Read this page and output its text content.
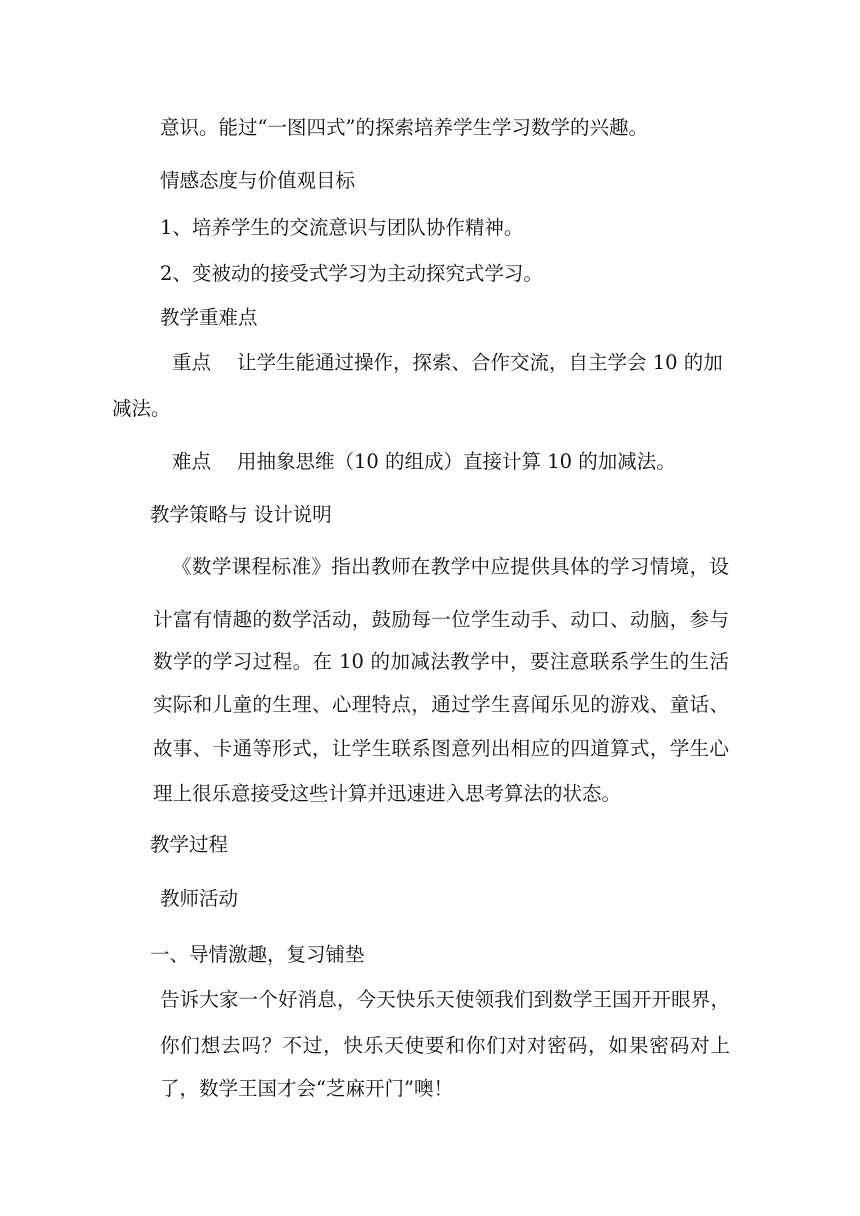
意识。能过“一图四式”的探索培养学生学习数学的兴趣。

情感态度与价值观目标

1、培养学生的交流意识与团队协作精神。

2、变被动的接受式学习为主动探究式学习。

教学重难点

重点 让学生能通过操作，探索、合作交流，自主学会 10 的加

减法。

难点 用抽象思维（10 的组成）直接计算 10 的加减法。

教学策略与 设计说明

《数学课程标准》指出教师在教学中应提供具体的学习情境，设

计富有情趣的数学活动，鼓励每一位学生动手、动口、动脑，参与

数学的学习过程。在 10 的加减法教学中，要注意联系学生的生活

实际和儿童的生理、心理特点，通过学生喜闻乐见的游戏、童话、

故事、卡通等形式，让学生联系图意列出相应的四道算式，学生心

理上很乐意接受这些计算并迅速进入思考算法的状态。

教学过程

教师活动

一、导情激趣，复习铺垫

告诉大家一个好消息，今天快乐天使领我们到数学王国开开眼界，

你们想去吗？不过，快乐天使要和你们对对密码，如果密码对上

了，数学王国才会“芝麻开门”噢！
